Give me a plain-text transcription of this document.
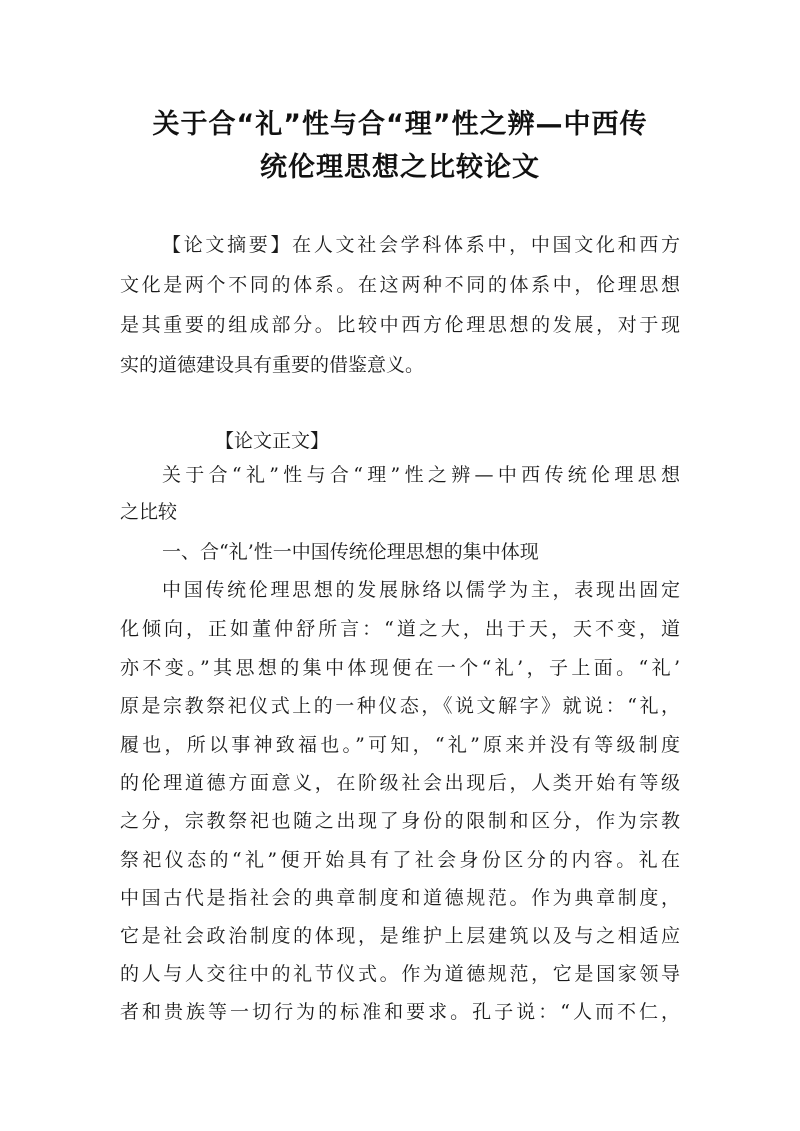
关于合“礼”性与合“理”性之辨—中西传
统伦理思想之比较论文
【论文摘要】在人文社会学科体系中，中国文化和西方
文化是两个不同的体系。在这两种不同的体系中，伦理思想
是其重要的组成部分。比较中西方伦理思想的发展，对于现
实的道德建设具有重要的借鉴意义。
【论文正文】
关于合“礼”性与合“理”性之辨—中西传统伦理思想
之比较
一、合“礼’性一中国传统伦理思想的集中体现
中国传统伦理思想的发展脉络以儒学为主，表现出固定
化倾向，正如董仲舒所言：“道之大，出于天，天不变，道
亦不变。”其思想的集中体现便在一个“礼’，子上面。“礼’
原是宗教祭祀仪式上的一种仪态，《说文解字》就说：“礼，
履也，所以事神致福也。”可知，“礼”原来并没有等级制度
的伦理道德方面意义，在阶级社会出现后，人类开始有等级
之分，宗教祭祀也随之出现了身份的限制和区分，作为宗教
祭祀仪态的“礼”便开始具有了社会身份区分的内容。礼在
中国古代是指社会的典章制度和道德规范。作为典章制度，
它是社会政治制度的体现，是维护上层建筑以及与之相适应
的人与人交往中的礼节仪式。作为道德规范，它是国家领导
者和贵族等一切行为的标准和要求。孔子说：“人而不仁，
